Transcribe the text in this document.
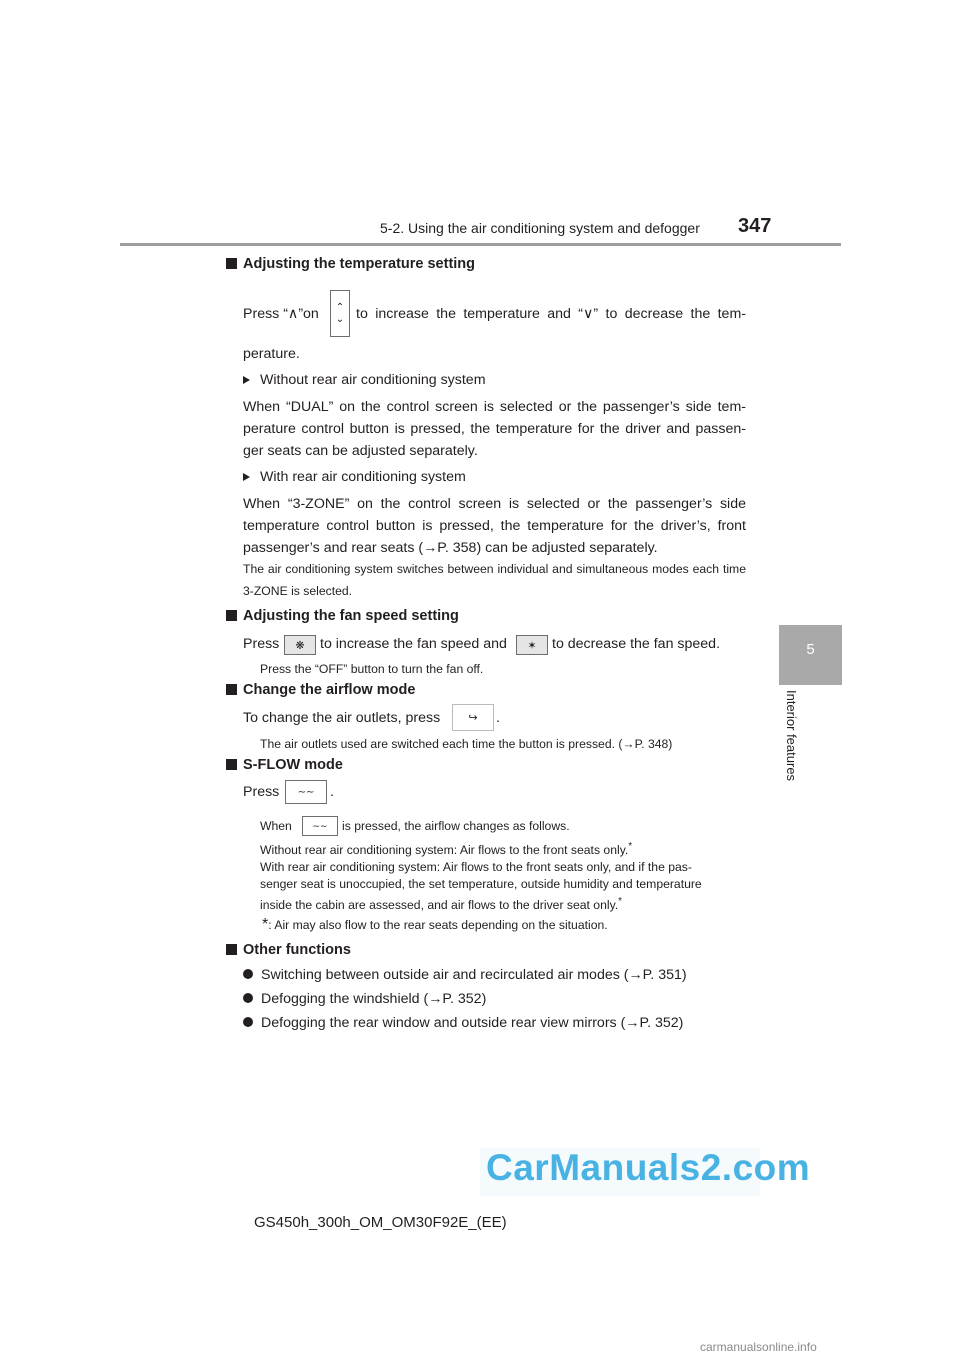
5-2. Using the air conditioning system and defogger 347
5
Interior features
Adjusting the temperature setting
Press “∧”on	⌃
⌄ to increase the temperature and “∨” to decrease the tem-
perature.
Without rear air conditioning system
When “DUAL” on the control screen is selected or the passenger’s side tem-perature control button is pressed, the temperature for the driver and passen-ger seats can be adjusted separately.
With rear air conditioning system
When “3-ZONE” on the control screen is selected or the passenger’s side temperature control button is pressed, the temperature for the driver’s, front passenger’s and rear seats (→P. 358) can be adjusted separately.
The air conditioning system switches between individual and simultaneous modes each time 3-ZONE is selected.
Adjusting the fan speed setting
Press	❋	to increase the fan speed and	✶	to decrease the fan speed.
Press the “OFF” button to turn the fan off.
Change the airflow mode
To change the air outlets, press	↪	.
The air outlets used are switched each time the button is pressed. (→P. 348)
S-FLOW mode
Press	∼∼	.
When	∼∼	is pressed, the airflow changes as follows.
Without rear air conditioning system: Air flows to the front seats only.*
With rear air conditioning system: Air flows to the front seats only, and if the pas-
senger seat is unoccupied, the set temperature, outside humidity and temperature
inside the cabin are assessed, and air flows to the driver seat only.*
*: Air may also flow to the rear seats depending on the situation.
Other functions
Switching between outside air and recirculated air modes (→P. 351)
Defogging the windshield (→P. 352)
Defogging the rear window and outside rear view mirrors (→P. 352)
CarManuals2.com
GS450h_300h_OM_OM30F92E_(EE)
carmanualsonline.info
